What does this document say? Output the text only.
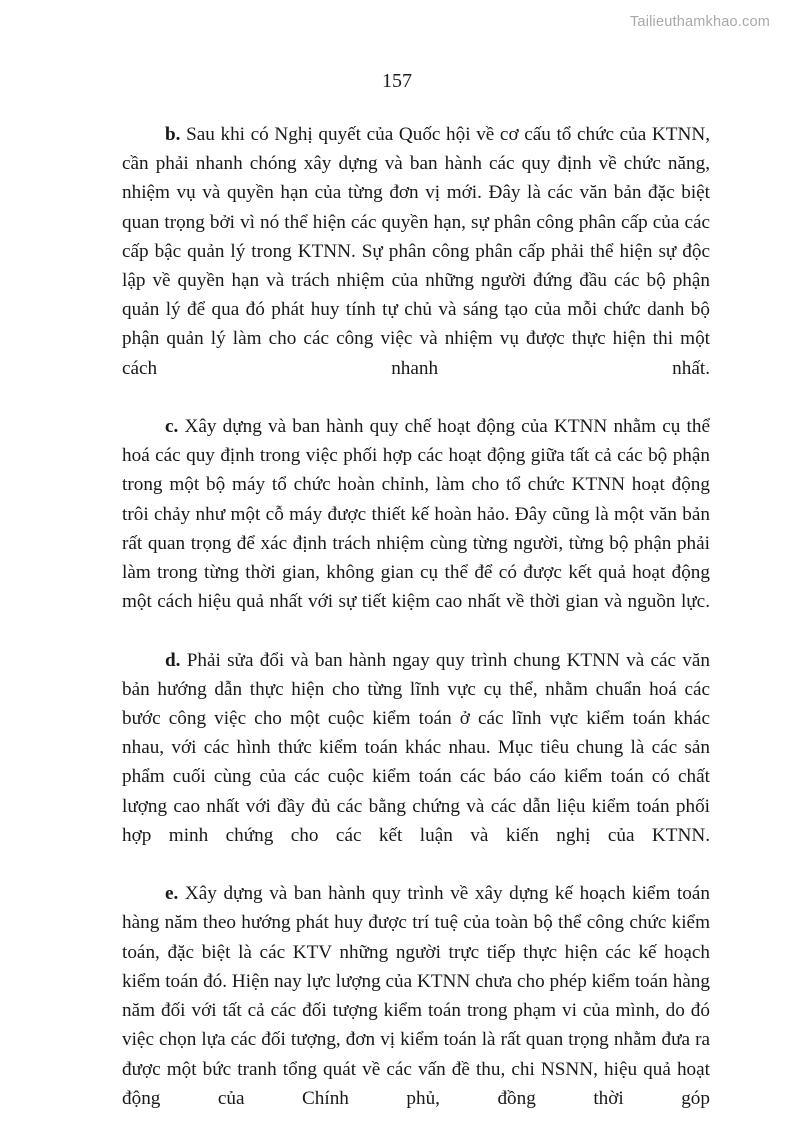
Tailieuthamkhao.com
157

b. Sau khi có Nghị quyết của Quốc hội về cơ cấu tổ chức của KTNN, cần phải nhanh chóng xây dựng và ban hành các quy định về chức năng, nhiệm vụ và quyền hạn của từng đơn vị mới. Đây là các văn bản đặc biệt quan trọng bởi vì nó thể hiện các quyền hạn, sự phân công phân cấp của các cấp bậc quản lý trong KTNN. Sự phân công phân cấp phải thể hiện sự độc lập về quyền hạn và trách nhiệm của những người đứng đầu các bộ phận quản lý để qua đó phát huy tính tự chủ và sáng tạo của mỗi chức danh bộ phận quản lý làm cho các công việc và nhiệm vụ được thực hiện thi một cách nhanh nhất.

c. Xây dựng và ban hành quy chế hoạt động của KTNN nhằm cụ thể hoá các quy định trong việc phối hợp các hoạt động giữa tất cả các bộ phận trong một bộ máy tổ chức hoàn chỉnh, làm cho tổ chức KTNN hoạt động trôi chảy như một cỗ máy được thiết kế hoàn hảo. Đây cũng là một văn bản rất quan trọng để xác định trách nhiệm cùng từng người, từng bộ phận phải làm trong từng thời gian, không gian cụ thể để có được kết quả hoạt động một cách hiệu quả nhất với sự tiết kiệm cao nhất về thời gian và nguồn lực.

d. Phải sửa đổi và ban hành ngay quy trình chung KTNN và các văn bản hướng dẫn thực hiện cho từng lĩnh vực cụ thể, nhằm chuẩn hoá các bước công việc cho một cuộc kiểm toán ở các lĩnh vực kiểm toán khác nhau, với các hình thức kiểm toán khác nhau. Mục tiêu chung là các sản phẩm cuối cùng của các cuộc kiểm toán các báo cáo kiểm toán có chất lượng cao nhất với đầy đủ các bằng chứng và các dẫn liệu kiểm toán phối hợp minh chứng cho các kết luận và kiến nghị của KTNN.

e. Xây dựng và ban hành quy trình về xây dựng kế hoạch kiểm toán hàng năm theo hướng phát huy được trí tuệ của toàn bộ thể công chức kiểm toán, đặc biệt là các KTV những người trực tiếp thực hiện các kế hoạch kiểm toán đó. Hiện nay lực lượng của KTNN chưa cho phép kiểm toán hàng năm đối với tất cả các đối tượng kiểm toán trong phạm vi của mình, do đó việc chọn lựa các đối tượng, đơn vị kiểm toán là rất quan trọng nhằm đưa ra được một bức tranh tổng quát về các vấn đề thu, chi NSNN, hiệu quả hoạt động của Chính phủ, đồng thời góp
